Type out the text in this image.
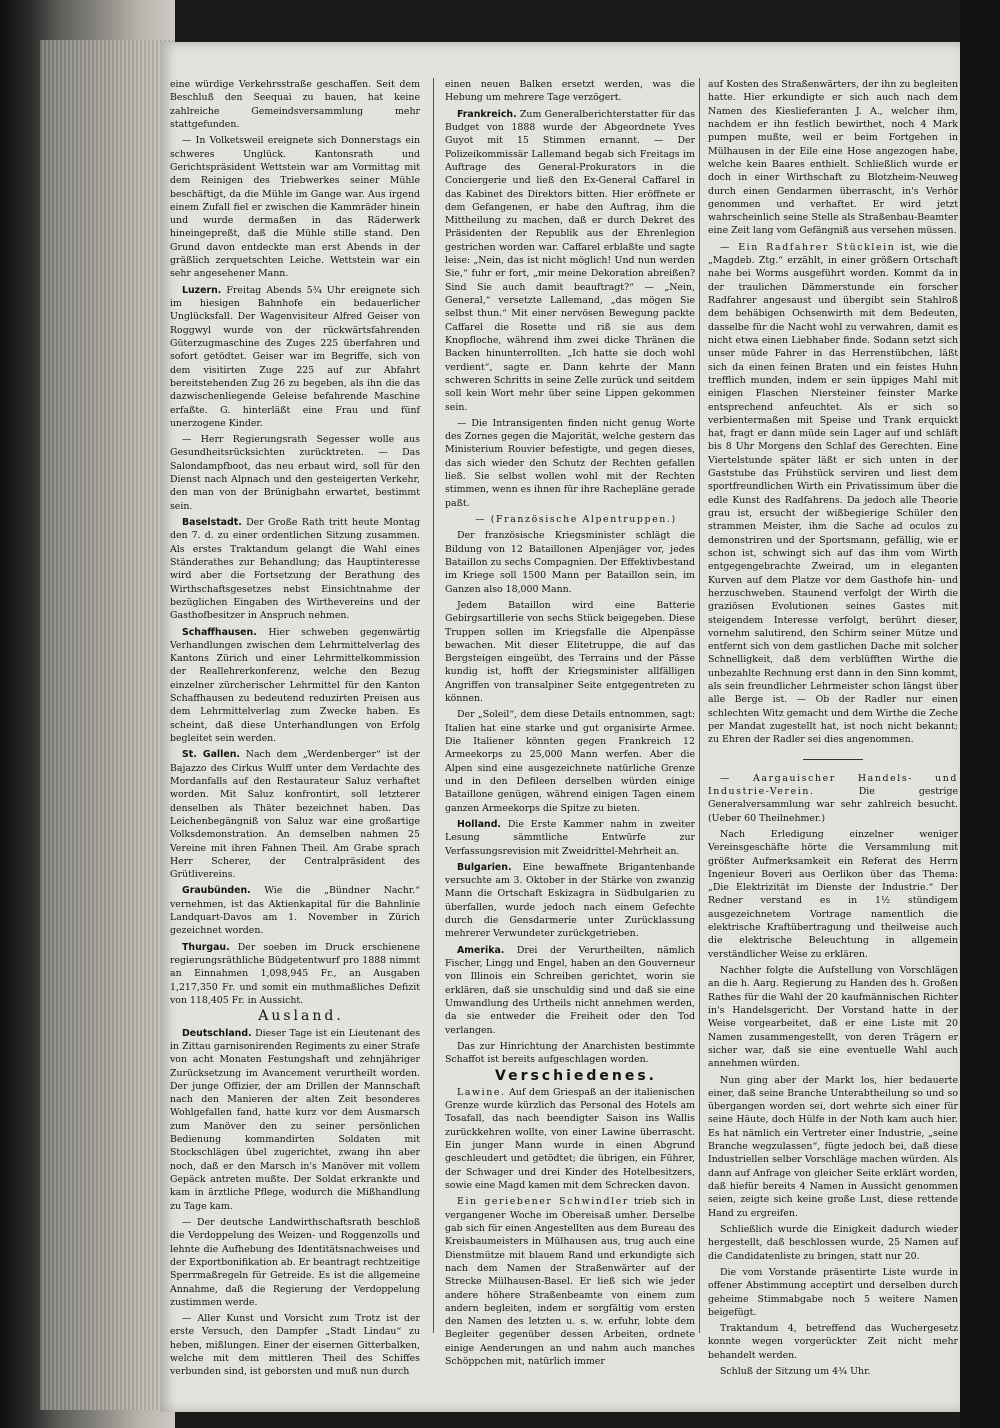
eine würdige Verkehrsstraße geschaffen. Seit dem Beschluß den Seequai zu bauen, hat keine zahlreiche Gemeindsversammlung mehr stattgefunden.

— In Volketsweil ereignete sich Donnerstags ein schweres Unglück. Kantonsrath und Gerichtspräsident Wettstein war am Vormittag mit dem Reinigen des Triebwerkes seiner Mühle beschäftigt, da die Mühle im Gange war. Aus irgend einem Zufall fiel er zwischen die Kammräder hinein und wurde dermaßen in das Räderwerk hineingepreßt, daß die Mühle stille stand. Den Grund davon entdeckte man erst Abends in der gräßlich zerquetschten Leiche. Wettstein war ein sehr angesehener Mann.

Luzern. Freitag Abends 5¾ Uhr ereignete sich im hiesigen Bahnhofe ein bedauerlicher Unglücksfall. Der Wagenvisiteur Alfred Geiser von Roggwyl wurde von der rückwärtsfahrenden Güterzugmaschine des Zuges 225 überfahren und sofort getödtet. Geiser war im Begriffe, sich von dem visitirten Zuge 225 auf zur Abfahrt bereitstehenden Zug 26 zu begeben, als ihn die das dazwischenliegende Geleise befahrende Maschine erfaßte. G. hinterläßt eine Frau und fünf unerzogene Kinder.

— Herr Regierungsrath Segesser wolle aus Gesundheitsrücksichten zurücktreten. — Das Salondampfboot, das neu erbaut wird, soll für den Dienst nach Alpnach und den gesteigerten Verkehr, den man von der Brünigbahn erwartet, bestimmt sein.

Baselstadt. Der Große Rath tritt heute Montag den 7. d. zu einer ordentlichen Sitzung zusammen. Als erstes Traktandum gelangt die Wahl eines Ständerathes zur Behandlung; das Hauptinteresse wird aber die Fortsetzung der Berathung des Wirthschaftsgesetzes nebst Einsichtnahme der bezüglichen Eingaben des Wirthevereins und der Gasthofbesitzer in Anspruch nehmen.

Schaffhausen. Hier schweben gegenwärtig Verhandlungen zwischen dem Lehrmittelverlag des Kantons Zürich und einer Lehrmittelkommission der Reallehrerkonferenz, welche den Bezug einzelner zürcherischer Lehrmittel für den Kanton Schaffhausen zu bedeutend reduzirten Preisen aus dem Lehrmittelverlag zum Zwecke haben. Es scheint, daß diese Unterhandlungen von Erfolg begleitet sein werden.

St. Gallen. Nach dem „Werdenberger“ ist der Bajazzo des Cirkus Wulff unter dem Verdachte des Mordanfalls auf den Restaurateur Saluz verhaftet worden. Mit Saluz konfrontirt, soll letzterer denselben als Thäter bezeichnet haben. Das Leichenbegängniß von Saluz war eine großartige Volksdemonstration. An demselben nahmen 25 Vereine mit ihren Fahnen Theil. Am Grabe sprach Herr Scherer, der Centralpräsident des Grütlivereins.

Graubünden. Wie die „Bündner Nachr.“ vernehmen, ist das Aktienkapital für die Bahnlinie Landquart-Davos am 1. November in Zürich gezeichnet worden.

Thurgau. Der soeben im Druck erschienene regierungsräthliche Büdgetentwurf pro 1888 nimmt an Einnahmen 1,098,945 Fr., an Ausgaben 1,217,350 Fr. und somit ein muthmaßliches Defizit von 118,405 Fr. in Aussicht.

Ausland.

Deutschland. Dieser Tage ist ein Lieutenant des in Zittau garnisonirenden Regiments zu einer Strafe von acht Monaten Festungshaft und zehnjähriger Zurücksetzung im Avancement verurtheilt worden. Der junge Offizier, der am Drillen der Mannschaft nach den Manieren der alten Zeit besonderes Wohlgefallen fand, hatte kurz vor dem Ausmarsch zum Manöver den zu seiner persönlichen Bedienung kommandirten Soldaten mit Stockschlägen übel zugerichtet, zwang ihn aber noch, daß er den Marsch in's Manöver mit vollem Gepäck antreten mußte. Der Soldat erkrankte und kam in ärztliche Pflege, wodurch die Mißhandlung zu Tage kam.

— Der deutsche Landwirthschaftsrath beschloß die Verdoppelung des Weizen- und Roggenzolls und lehnte die Aufhebung des Identitätsnachweises und der Exportbonifikation ab. Er beantragt rechtzeitige Sperrmaßregeln für Getreide. Es ist die allgemeine Annahme, daß die Regierung der Verdoppelung zustimmen werde.

— Aller Kunst und Vorsicht zum Trotz ist der erste Versuch, den Dampfer „Stadt Lindau“ zu heben, mißlungen. Einer der eisernen Gitterbalken, welche mit dem mittleren Theil des Schiffes verbunden sind, ist geborsten und muß nun durch

einen neuen Balken ersetzt werden, was die Hebung um mehrere Tage verzögert.

Frankreich. Zum Generalberichterstatter für das Budget von 1888 wurde der Abgeordnete Yves Guyot mit 15 Stimmen ernannt. — Der Polizeikommissär Lallemand begab sich Freitags im Auftrage des General-Prokurators in die Conciergerie und ließ den Ex-General Caffarel in das Kabinet des Direktors bitten. Hier eröffnete er dem Gefangenen, er habe den Auftrag, ihm die Mittheilung zu machen, daß er durch Dekret des Präsidenten der Republik aus der Ehrenlegion gestrichen worden war. Caffarel erblaßte und sagte leise: „Nein, das ist nicht möglich! Und nun werden Sie,“ fuhr er fort, „mir meine Dekoration abreißen? Sind Sie auch damit beauftragt?“ — „Nein, General,“ versetzte Lallemand, „das mögen Sie selbst thun.“ Mit einer nervösen Bewegung packte Caffarel die Rosette und riß sie aus dem Knopfloche, während ihm zwei dicke Thränen die Backen hinunterrollten. „Ich hatte sie doch wohl verdient“, sagte er. Dann kehrte der Mann schweren Schritts in seine Zelle zurück und seitdem soll kein Wort mehr über seine Lippen gekommen sein.

— Die Intransigenten finden nicht genug Worte des Zornes gegen die Majorität, welche gestern das Ministerium Rouvier befestigte, und gegen dieses, das sich wieder den Schutz der Rechten gefallen ließ. Sie selbst wollen wohl mit der Rechten stimmen, wenn es ihnen für ihre Rachepläne gerade paßt.

— (Französische Alpentruppen.)

Der französische Kriegsminister schlägt die Bildung von 12 Bataillonen Alpenjäger vor, jedes Bataillon zu sechs Compagnien. Der Effektivbestand im Kriege soll 1500 Mann per Bataillon sein, im Ganzen also 18,000 Mann.

Jedem Bataillon wird eine Batterie Gebirgsartillerie von sechs Stück beigegeben. Diese Truppen sollen im Kriegsfalle die Alpenpässe bewachen. Mit dieser Elitetruppe, die auf das Bergsteigen eingeübt, des Terrains und der Pässe kundig ist, hofft der Kriegsminister allfälligen Angriffen von transalpiner Seite entgegentreten zu können.

Der „Soleil“, dem diese Details entnommen, sagt: Italien hat eine starke und gut organisirte Armee. Die Italiener könnten gegen Frankreich 12 Armeekorps zu 25,000 Mann werfen. Aber die Alpen sind eine ausgezeichnete natürliche Grenze und in den Defileen derselben würden einige Bataillone genügen, während einigen Tagen einem ganzen Armeekorps die Spitze zu bieten.

Holland. Die Erste Kammer nahm in zweiter Lesung sämmtliche Entwürfe zur Verfassungsrevision mit Zweidrittel-Mehrheit an.

Bulgarien. Eine bewaffnete Brigantenbande versuchte am 3. Oktober in der Stärke von zwanzig Mann die Ortschaft Eskizagra in Südbulgarien zu überfallen, wurde jedoch nach einem Gefechte durch die Gensdarmerie unter Zurücklassung mehrerer Verwundeter zurückgetrieben.

Amerika. Drei der Verurtheilten, nämlich Fischer, Lingg und Engel, haben an den Gouverneur von Illinois ein Schreiben gerichtet, worin sie erklären, daß sie unschuldig sind und daß sie eine Umwandlung des Urtheils nicht annehmen werden, da sie entweder die Freiheit oder den Tod verlangen.

Das zur Hinrichtung der Anarchisten bestimmte Schaffot ist bereits aufgeschlagen worden.

Verschiedenes.

Lawine. Auf dem Griespaß an der italienischen Grenze wurde kürzlich das Personal des Hotels am Tosafall, das nach beendigter Saison ins Wallis zurückkehren wollte, von einer Lawine überrascht. Ein junger Mann wurde in einen Abgrund geschleudert und getödtet; die übrigen, ein Führer, der Schwager und drei Kinder des Hotelbesitzers, sowie eine Magd kamen mit dem Schrecken davon.

Ein geriebener Schwindler trieb sich in vergangener Woche im Obereisaß umher. Derselbe gab sich für einen Angestellten aus dem Bureau des Kreisbaumeisters in Mülhausen aus, trug auch eine Dienstmütze mit blauem Rand und erkundigte sich nach dem Namen der Straßenwärter auf der Strecke Mülhausen-Basel. Er ließ sich wie jeder andere höhere Straßenbeamte von einem zum andern begleiten, indem er sorgfältig vom ersten den Namen des letzten u. s. w. erfuhr, lobte dem Begleiter gegenüber dessen Arbeiten, ordnete einige Aenderungen an und nahm auch manches Schöppchen mit, natürlich immer

auf Kosten des Straßenwärters, der ihn zu begleiten hatte. Hier erkundigte er sich auch nach dem Namen des Kieslieferanten J. A., welcher ihm, nachdem er ihn festlich bewirthet, noch 4 Mark pumpen mußte, weil er beim Fortgehen in Mülhausen in der Eile eine Hose angezogen habe, welche kein Baares enthielt. Schließlich wurde er doch in einer Wirthschaft zu Blotzheim-Neuweg durch einen Gendarmen überrascht, in's Verhör genommen und verhaftet. Er wird jetzt wahrscheinlich seine Stelle als Straßenbau-Beamter eine Zeit lang vom Gefängniß aus versehen müssen.

— Ein Radfahrer Stücklein ist, wie die „Magdeb. Ztg.“ erzählt, in einer größern Ortschaft nahe bei Worms ausgeführt worden. Kommt da in der traulichen Dämmerstunde ein forscher Radfahrer angesaust und übergibt sein Stahlroß dem behäbigen Ochsenwirth mit dem Bedeuten, dasselbe für die Nacht wohl zu verwahren, damit es nicht etwa einen Liebhaber finde. Sodann setzt sich unser müde Fahrer in das Herrenstübchen, läßt sich da einen feinen Braten und ein feistes Huhn trefflich munden, indem er sein üppiges Mahl mit einigen Flaschen Niersteiner feinster Marke entsprechend anfeuchtet. Als er sich so verbientermaßen mit Speise und Trank erquickt hat, fragt er dann müde sein Lager auf und schläft bis 8 Uhr Morgens den Schlaf des Gerechten. Eine Viertelstunde später läßt er sich unten in der Gaststube das Frühstück serviren und liest dem sportfreundlichen Wirth ein Privatissimum über die edle Kunst des Radfahrens. Da jedoch alle Theorie grau ist, ersucht der wißbegierige Schüler den strammen Meister, ihm die Sache ad oculos zu demonstriren und der Sportsmann, gefällig, wie er schon ist, schwingt sich auf das ihm vom Wirth entgegengebrachte Zweirad, um in eleganten Kurven auf dem Platze vor dem Gasthofe hin- und herzuschweben. Staunend verfolgt der Wirth die graziösen Evolutionen seines Gastes mit steigendem Interesse verfolgt, berührt dieser, vornehm salutirend, den Schirm seiner Mütze und entfernt sich von dem gastlichen Dache mit solcher Schnelligkeit, daß dem verblüfften Wirthe die unbezahlte Rechnung erst dann in den Sinn kommt, als sein freundlicher Lehrmeister schon längst über alle Berge ist. — Ob der Radler nur einen schlechten Witz gemacht und dem Wirthe die Zeche per Mandat zugestellt hat, ist noch nicht bekannt; zu Ehren der Radler sei dies angenommen.

— Aargauischer Handels- und Industrie-Verein.	Die gestrige Generalversammlung war sehr zahlreich besucht. (Ueber 60 Theilnehmer.)

Nach Erledigung einzelner weniger Vereinsgeschäfte hörte die Versammlung mit größter Aufmerksamkeit ein Referat des Herrn Ingenieur Boveri aus Oerlikon über das Thema: „Die Elektrizität im Dienste der Industrie.“ Der Redner verstand es in 1½ stündigem ausgezeichnetem Vortrage namentlich die elektrische Kraftübertragung und theilweise auch die elektrische Beleuchtung in allgemein verständlicher Weise zu erklären.

Nachher folgte die Aufstellung von Vorschlägen an die h. Aarg. Regierung zu Handen des h. Großen Rathes für die Wahl der 20 kaufmännischen Richter in's Handelsgericht. Der Vorstand hatte in der Weise vorgearbeitet, daß er eine Liste mit 20 Namen zusammengestellt, von deren Trägern er sicher war, daß sie eine eventuelle Wahl auch annehmen würden.

Nun ging aber der Markt los, hier bedauerte einer, daß seine Branche Unterabtheilung so und so übergangen worden sei, dort wehrte sich einer für seine Häute, doch Hülfe in der Noth kam auch hier. Es hat nämlich ein Vertreter einer Industrie, „seine Branche wegzulassen“, fügte jedoch bei, daß diese Industriellen selber Vorschläge machen würden. Als dann auf Anfrage von gleicher Seite erklärt worden, daß hiefür bereits 4 Namen in Aussicht genommen seien, zeigte sich keine große Lust, diese rettende Hand zu ergreifen.

Schließlich wurde die Einigkeit dadurch wieder hergestellt, daß beschlossen wurde, 25 Namen auf die Candidatenliste zu bringen, statt nur 20.

Die vom Vorstande präsentirte Liste wurde in offener Abstimmung acceptirt und derselben durch geheime Stimmabgabe noch 5 weitere Namen beigefügt.

Traktandum 4, betreffend das Wuchergesetz konnte wegen vorgerückter Zeit nicht mehr behandelt werden.

Schluß der Sitzung um 4¾ Uhr.
